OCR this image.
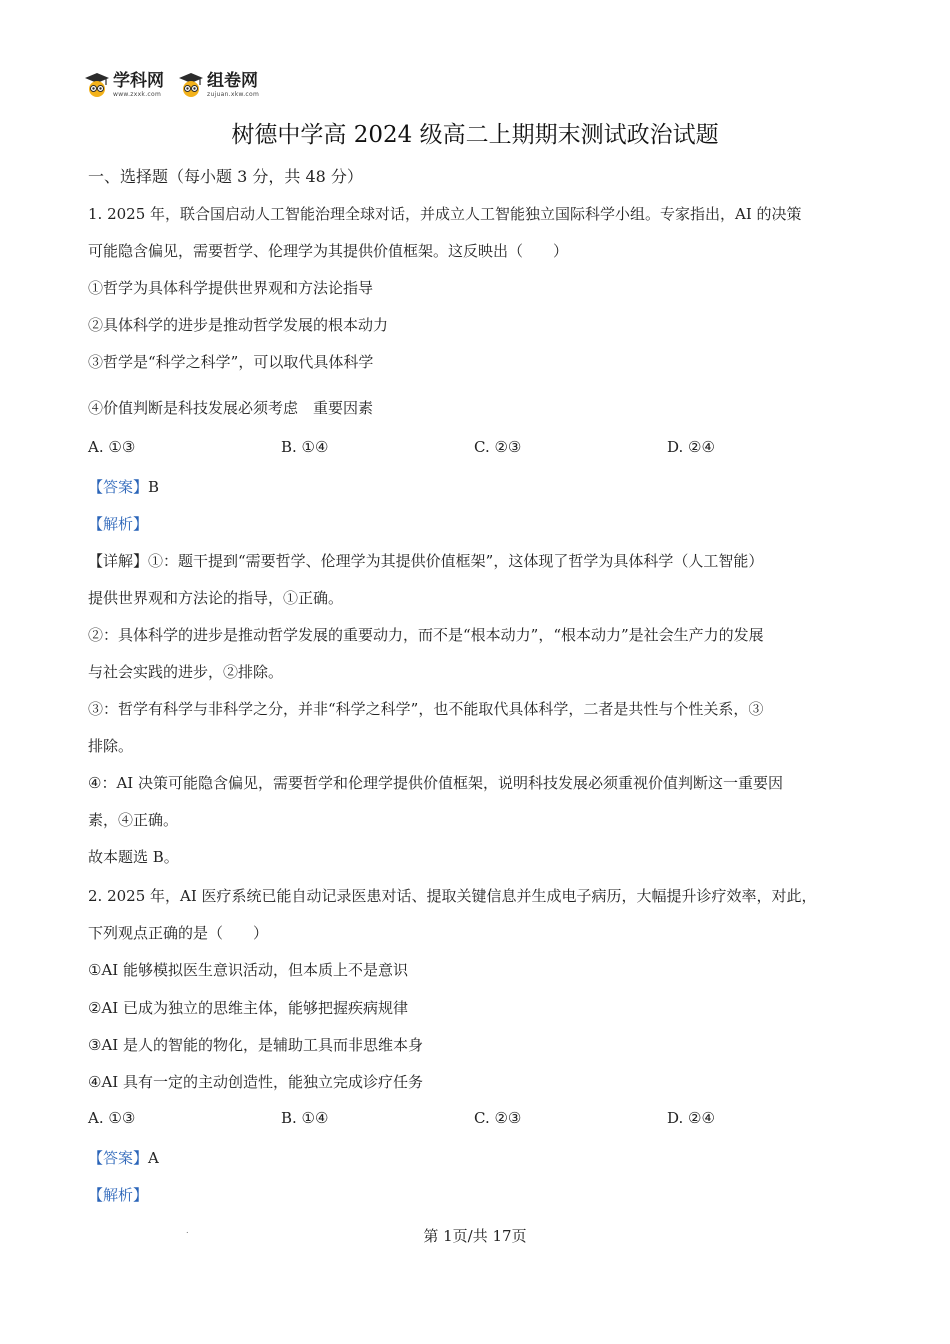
学科网
www.zxxk.com
组卷网
zujuan.xkw.com
树德中学高 2024 级高二上期期末测试政治试题
一、选择题（每小题 3 分，共 48 分）
1. 2025 年，联合国启动人工智能治理全球对话，并成立人工智能独立国际科学小组。专家指出，AI 的决策
可能隐含偏见，需要哲学、伦理学为其提供价值框架。这反映出（　　）
①哲学为具体科学提供世界观和方法论指导
②具体科学的进步是推动哲学发展的根本动力
③哲学是“科学之科学”，可以取代具体科学
④价值判断是科技发展必须考虑　重要因素
A. ①③	B. ①④	C. ②③	D. ②④
【答案】B
【解析】
【详解】①：题干提到“需要哲学、伦理学为其提供价值框架”，这体现了哲学为具体科学（人工智能）
提供世界观和方法论的指导，①正确。
②：具体科学的进步是推动哲学发展的重要动力，而不是“根本动力”，“根本动力”是社会生产力的发展
与社会实践的进步，②排除。
③：哲学有科学与非科学之分，并非“科学之科学”，也不能取代具体科学，二者是共性与个性关系，③
排除。
④：AI 决策可能隐含偏见，需要哲学和伦理学提供价值框架，说明科技发展必须重视价值判断这一重要因
素，④正确。
故本题选 B。
2. 2025 年，AI 医疗系统已能自动记录医患对话、提取关键信息并生成电子病历，大幅提升诊疗效率，对此，
下列观点正确的是（　　）
①AI 能够模拟医生意识活动，但本质上不是意识
②AI 已成为独立的思维主体，能够把握疾病规律
③AI 是人的智能的物化，是辅助工具而非思维本身
④AI 具有一定的主动创造性，能独立完成诊疗任务
A. ①③	B. ①④	C. ②③	D. ②④
【答案】A
【解析】
.	第 1页/共 17页
